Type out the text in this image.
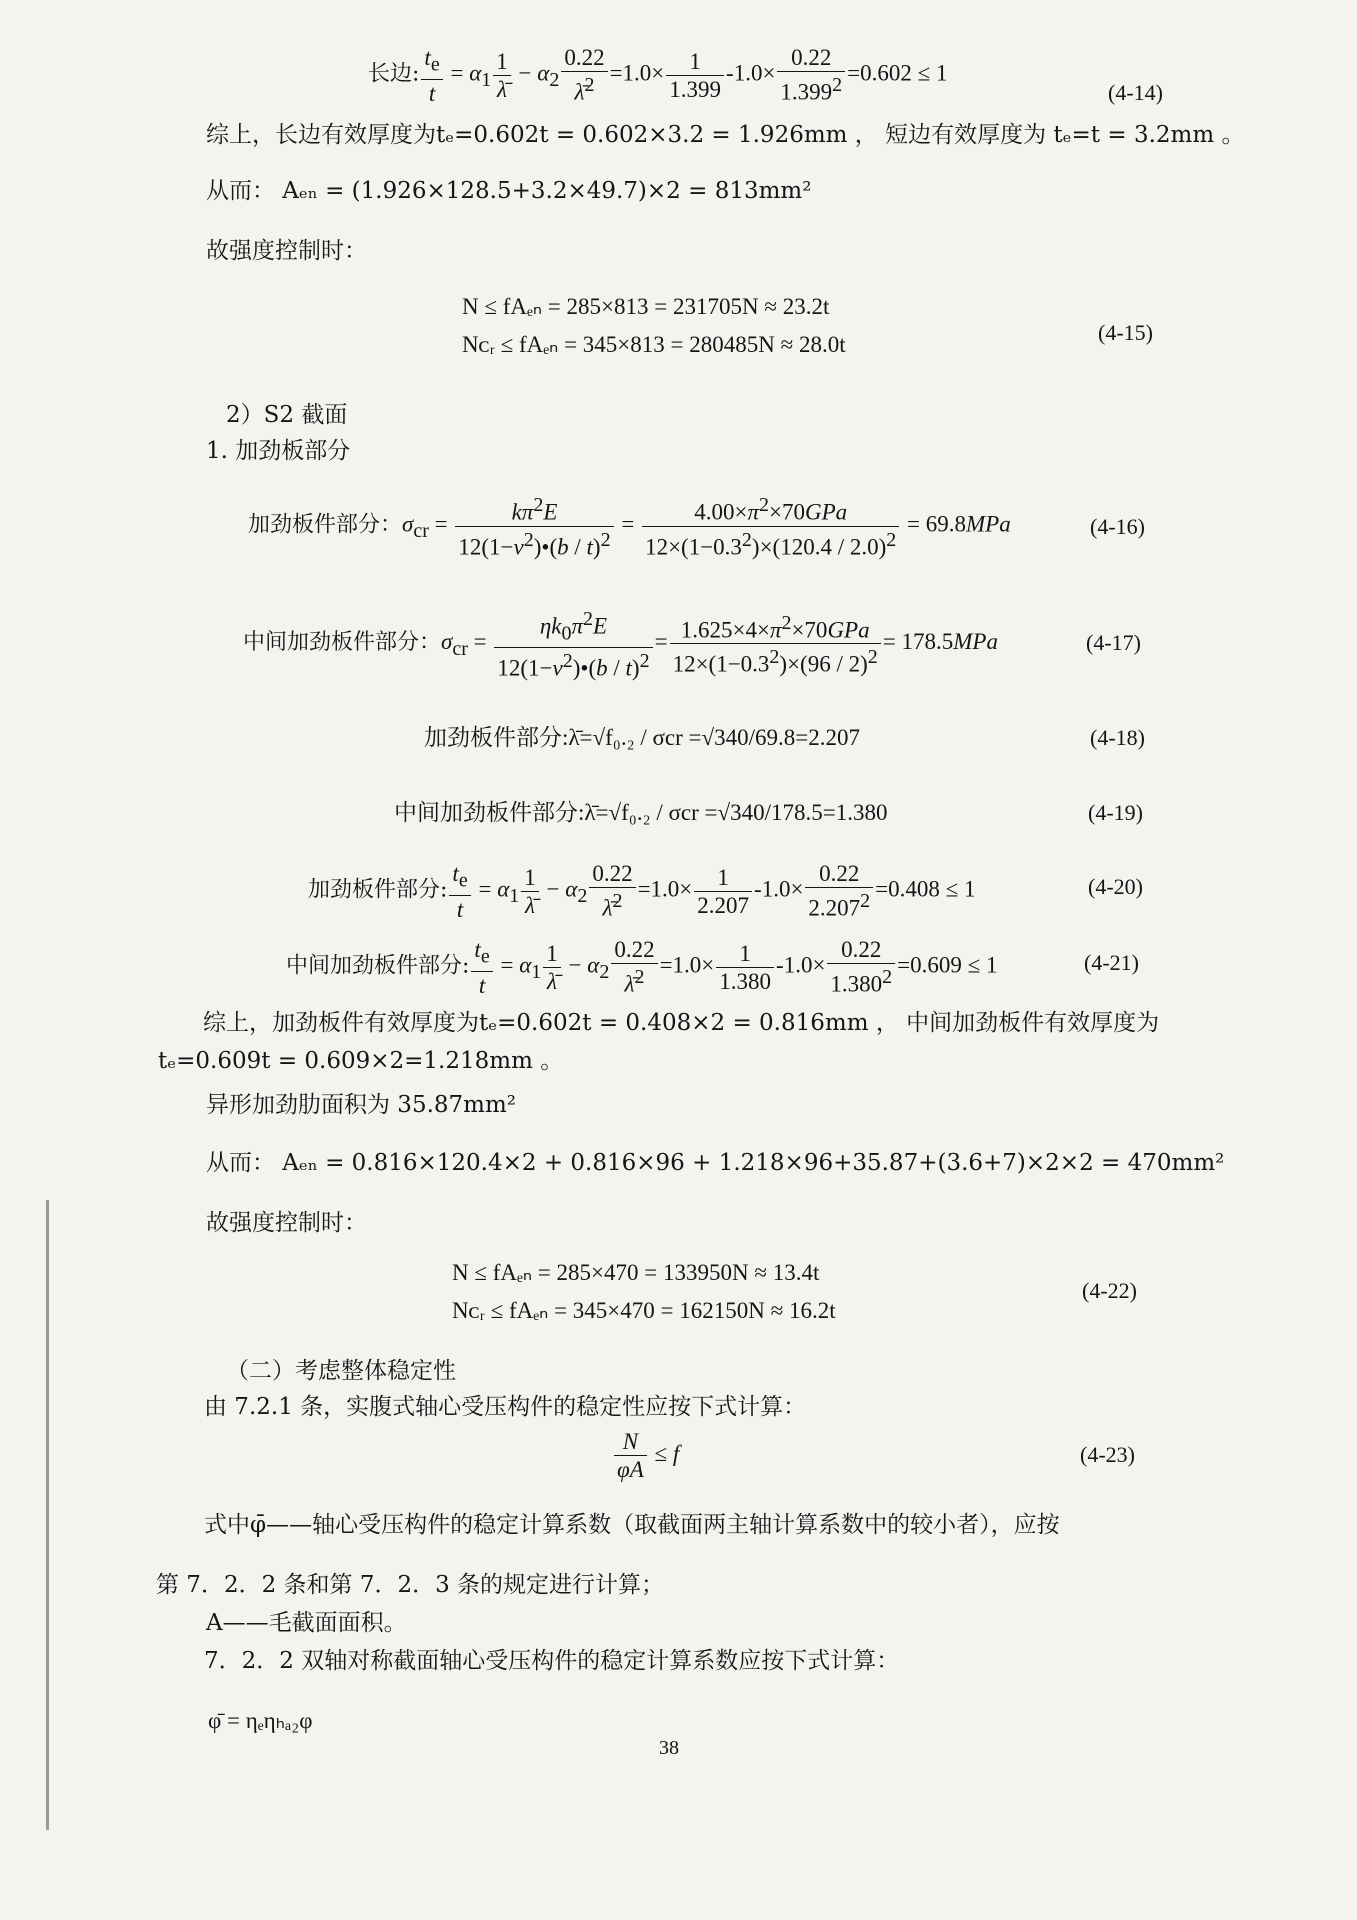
长边: $\frac{t_e}{t} = \alpha_1 \frac{1}{\lambdā} - \alpha_2 \frac{0.22}{\lambdā^2} =1.0\times \frac{1}{1.399} -1.0\times \frac{0.22}{1.399^2} =0.602 \le 1$
(4-14)
综上，长边有效厚度为tₑ=0.602t = 0.602×3.2 = 1.926mm ， 短边有效厚度为 tₑ=t = 3.2mm 。
从而： Aₑₙ = (1.926×128.5+3.2×49.7)×2 = 813mm²
故强度控制时：
N ≤ fAₑₙ = 285×813 = 231705N ≈ 23.2t
Nᴄᵣ ≤ fAₑₙ = 345×813 = 280485N ≈ 28.0t	(4-15)
2）S2 截面
1. 加劲板部分
加劲板件部分：$\sigma_{cr} = \frac{k\pi^2E}{12(1-v^2)•(b / t)^2} = \frac{4.00\times\pi^2\times 70GPa}{12\times(1-0.3^2)\times(120.4 / 2.0)^2} = 69.8MPa$	(4-16)
中间加劲板件部分：$\sigma_{cr} = \frac{\eta k_0\pi^2E}{12(1-v^2)•(b / t)^2} = \frac{1.625\times 4\times\pi^2\times 70GPa}{12\times(1-0.3^2)\times(96 / 2)^2} = 178.5MPa$	(4-17)
加劲板件部分:λ̄=√f₀.₂ / σcr =√340/69.8=2.207	(4-18)
中间加劲板件部分:λ̄=√f₀.₂ / σcr =√340/178.5=1.380	(4-19)
加劲板件部分: $\frac{t_e}{t} = \alpha_1 \frac{1}{\lambdā} - \alpha_2 \frac{0.22}{\lambdā^2} =1.0\times \frac{1}{2.207} -1.0\times \frac{0.22}{2.207^2} =0.408 \le 1$	(4-20)
中间加劲板件部分: $\frac{t_e}{t} = \alpha_1 \frac{1}{\lambdā} - \alpha_2 \frac{0.22}{\lambdā^2} =1.0\times \frac{1}{1.380} -1.0\times \frac{0.22}{1.380^2} =0.609 \le 1$	(4-21)
综上，加劲板件有效厚度为tₑ=0.602t = 0.408×2 = 0.816mm ， 中间加劲板件有效厚度为
tₑ=0.609t = 0.609×2=1.218mm 。
异形加劲肋面积为 35.87mm²
从而： Aₑₙ = 0.816×120.4×2 + 0.816×96 + 1.218×96+35.87+(3.6+7)×2×2 = 470mm²
故强度控制时：
N ≤ fAₑₙ = 285×470 = 133950N ≈ 13.4t
Nᴄᵣ ≤ fAₑₙ = 345×470 = 162150N ≈ 16.2t
(4-22)
（二）考虑整体稳定性
由 7.2.1 条，实腹式轴心受压构件的稳定性应按下式计算：
$\frac{N}{\varphi A} \le f$	(4-23)
式中φ̄——轴心受压构件的稳定计算系数（取截面两主轴计算系数中的较小者），应按
第 7．2．2 条和第 7．2．3 条的规定进行计算；
A——毛截面面积。
7．2．2 双轴对称截面轴心受压构件的稳定计算系数应按下式计算：
φ̄ = ηₑηₕₐ₂φ
38
